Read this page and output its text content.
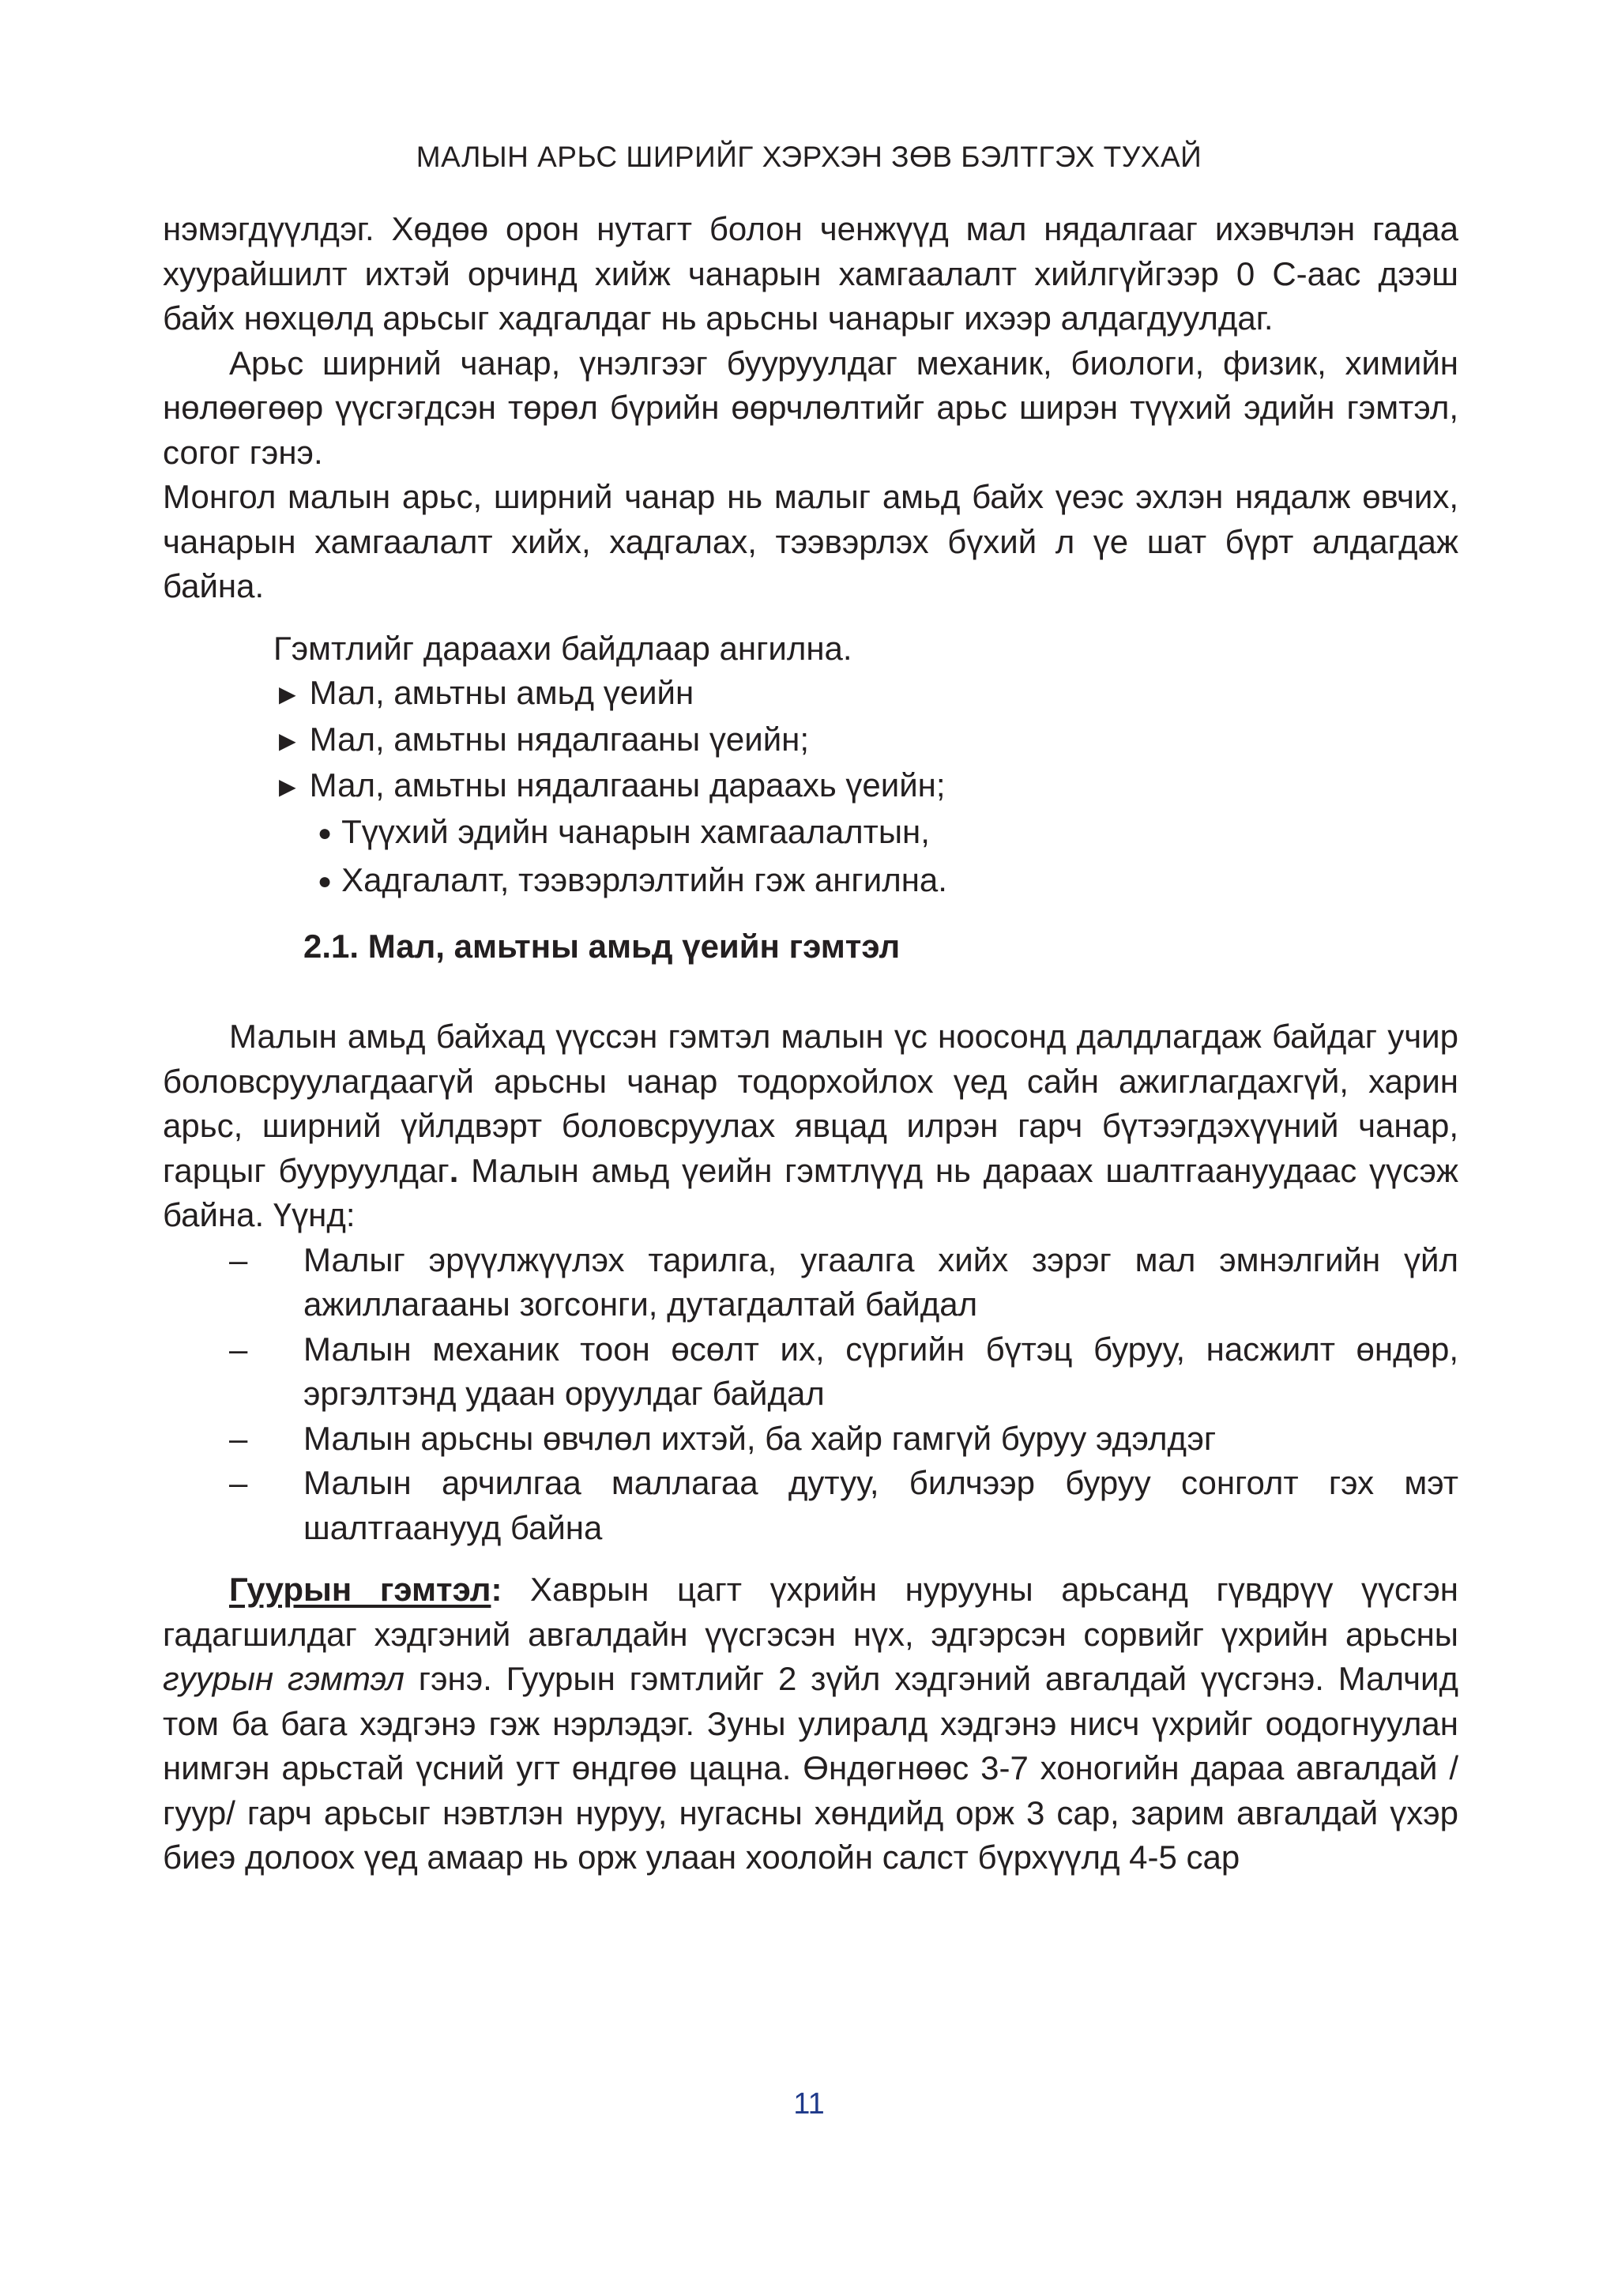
МАЛЫН АРЬС ШИРИЙГ ХЭРХЭН ЗӨВ БЭЛТГЭХ ТУХАЙ

нэмэгдүүлдэг. Хөдөө орон нутагт болон ченжүүд мал нядалгааг ихэвчлэн гадаа хуурайшилт ихтэй орчинд хийж чанарын хамгаалалт хийлгүйгээр 0 С-аас дээш байх нөхцөлд арьсыг хадгалдаг нь арьсны чанарыг ихээр алдагдуулдаг.

Арьс ширний чанар, үнэлгээг бууруулдаг механик, биологи, физик, химийн нөлөөгөөр үүсгэгдсэн төрөл бүрийн өөрчлөлтийг арьс ширэн түүхий эдийн гэмтэл, согог гэнэ.

Монгол малын арьс, ширний чанар нь малыг амьд байх үеэс эхлэн нядалж өвчих, чанарын хамгаалалт хийх, хадгалах, тээвэрлэх бүхий л үе шат бүрт алдагдаж байна.

Гэмтлийг дараахи байдлаар ангилна.
► Мал, амьтны амьд үеийн
► Мал, амьтны нядалгааны үеийн;
► Мал, амьтны нядалгааны дараахь үеийн;
● Түүхий эдийн чанарын хамгаалалтын,
● Хадгалалт, тээвэрлэлтийн гэж ангилна.
2.1. Мал, амьтны амьд үеийн гэмтэл

Малын амьд байхад үүссэн гэмтэл малын үс ноосонд далдлагдаж байдаг учир боловсруулагдаагүй арьсны чанар тодорхойлох үед сайн ажиглагдахгүй, харин арьс, ширний үйлдвэрт боловсруулах явцад илрэн гарч бүтээгдэхүүний чанар, гарцыг бууруулдаг. Малын амьд үеийн гэмтлүүд нь дараах шалтгаануудаас үүсэж байна. Үүнд:

– Малыг эрүүлжүүлэх тарилга, угаалга хийх зэрэг мал эмнэлгийн үйл ажиллагааны зогсонги, дутагдалтай байдал
– Малын механик тоон өсөлт их, сүргийн бүтэц буруу, насжилт өндөр, эргэлтэнд удаан оруулдаг байдал
– Малын арьсны өвчлөл ихтэй, ба хайр гамгүй буруу эдэлдэг
– Малын арчилгаа маллагаа дутуу, билчээр буруу сонголт гэх мэт шалтгаанууд байна

Гуурын гэмтэл: Хаврын цагт үхрийн нурууны арьсанд гүвдрүү үүсгэн гадагшилдаг хэдгэний авгалдайн үүсгэсэн нүх, эдгэрсэн сорвийг үхрийн арьсны гуурын гэмтэл гэнэ. Гуурын гэмтлийг 2 зүйл хэдгэний авгалдай үүсгэнэ. Малчид том ба бага хэдгэнэ гэж нэрлэдэг. Зуны улиралд хэдгэнэ нисч үхрийг оодогнуулан нимгэн арьстай үсний угт өндгөө цацна. Өндөгнөөс 3-7 хоногийн дараа авгалдай /гуур/ гарч арьсыг нэвтлэн нуруу, нугасны хөндийд орж 3 сар, зарим авгалдай үхэр биеэ долоох үед амаар нь орж улаан хоолойн салст бүрхүүлд 4-5 сар

11
